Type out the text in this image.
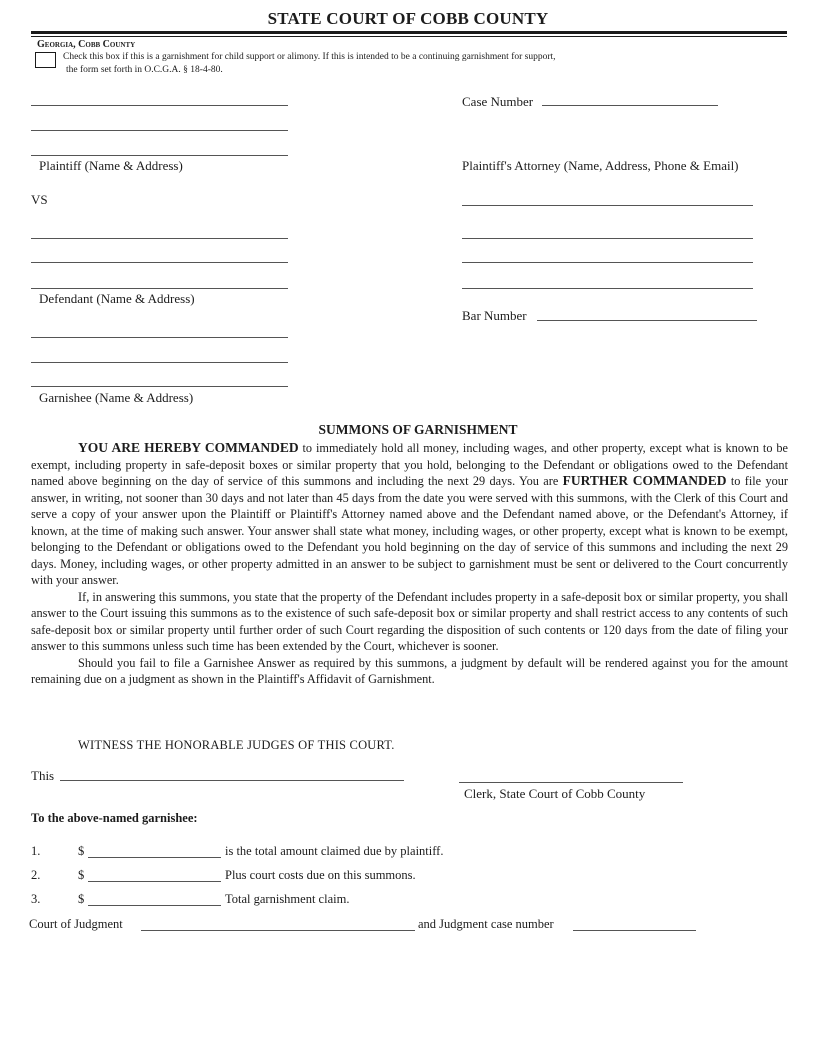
STATE COURT OF COBB COUNTY
Georgia, Cobb County
Check this box if this is a garnishment for child support or alimony. If this is intended to be a continuing garnishment for support,
the form set forth in O.C.G.A. § 18-4-80.
Plaintiff (Name & Address)
VS
Defendant (Name & Address)
Garnishee (Name & Address)
Case Number
Plaintiff's Attorney (Name, Address, Phone & Email)
Bar Number
SUMMONS OF GARNISHMENT

YOU ARE HEREBY COMMANDED to immediately hold all money, including wages, and other property, except what is known to be exempt, including property in safe-deposit boxes or similar property that you hold, belonging to the Defendant or obligations owed to the Defendant named above beginning on the day of service of this summons and including the next 29 days. You are FURTHER COMMANDED to file your answer, in writing, not sooner than 30 days and not later than 45 days from the date you were served with this summons, with the Clerk of this Court and serve a copy of your answer upon the Plaintiff or Plaintiff's Attorney named above and the Defendant named above, or the Defendant's Attorney, if known, at the time of making such answer. Your answer shall state what money, including wages, or other property, except what is known to be exempt, belonging to the Defendant or obligations owed to the Defendant you hold beginning on the day of service of this summons and including the next 29 days. Money, including wages, or other property admitted in an answer to be subject to garnishment must be sent or delivered to the Court concurrently with your answer.

If, in answering this summons, you state that the property of the Defendant includes property in a safe-deposit box or similar property, you shall answer to the Court issuing this summons as to the existence of such safe-deposit box or similar property and shall restrict access to any contents of such safe-deposit box or similar property until further order of such Court regarding the disposition of such contents or 120 days from the date of filing your answer to this summons unless such time has been extended by the Court, whichever is sooner.

Should you fail to file a Garnishee Answer as required by this summons, a judgment by default will be rendered against you for the amount remaining due on a judgment as shown in the Plaintiff's Affidavit of Garnishment.

WITNESS THE HONORABLE JUDGES OF THIS COURT.
This
Clerk, State Court of Cobb County
To the above-named garnishee:
1.	$	is the total amount claimed due by plaintiff.
2.	$	Plus court costs due on this summons.
3.	$	Total garnishment claim.
Court of Judgment	and Judgment case number
